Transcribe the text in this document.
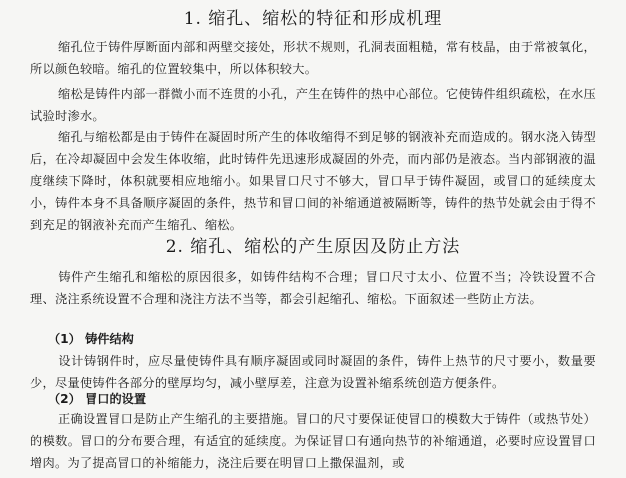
1. 缩孔、缩松的特征和形成机理

缩孔位于铸件厚断面内部和两壁交接处，形状不规则，孔洞表面粗糙，常有枝晶，由于常被氧化，所以颜色较暗。缩孔的位置较集中，所以体积较大。

缩松是铸件内部一群微小而不连贯的小孔，产生在铸件的热中心部位。它使铸件组织疏松，在水压试验时渗水。

缩孔与缩松都是由于铸件在凝固时所产生的体收缩得不到足够的钢液补充而造成的。钢水浇入铸型后，在冷却凝固中会发生体收缩，此时铸件先迅速形成凝固的外壳，而内部仍是液态。当内部钢液的温度继续下降时，体积就要相应地缩小。如果冒口尺寸不够大，冒口早于铸件凝固，或冒口的延续度太小，铸件本身不具备顺序凝固的条件，热节和冒口间的补缩通道被隔断等，铸件的热节处就会由于得不到充足的钢液补充而产生缩孔、缩松。

2. 缩孔、缩松的产生原因及防止方法

铸件产生缩孔和缩松的原因很多，如铸件结构不合理；冒口尺寸太小、位置不当；冷铁设置不合理、浇注系统设置不合理和浇注方法不当等，都会引起缩孔、缩松。下面叙述一些防止方法。

（1） 铸件结构

设计铸钢件时，应尽量使铸件具有顺序凝固或同时凝固的条件，铸件上热节的尺寸要小，数量要少，尽量使铸件各部分的壁厚均匀，减小壁厚差，注意为设置补缩系统创造方便条件。

（2） 冒口的设置

正确设置冒口是防止产生缩孔的主要措施。冒口的尺寸要保证使冒口的模数大于铸件（或热节处）的模数。冒口的分布要合理，有适宜的延续度。为保证冒口有通向热节的补缩通道，必要时应设置冒口增肉。为了提高冒口的补缩能力，浇注后要在明冒口上撒保温剂，或
